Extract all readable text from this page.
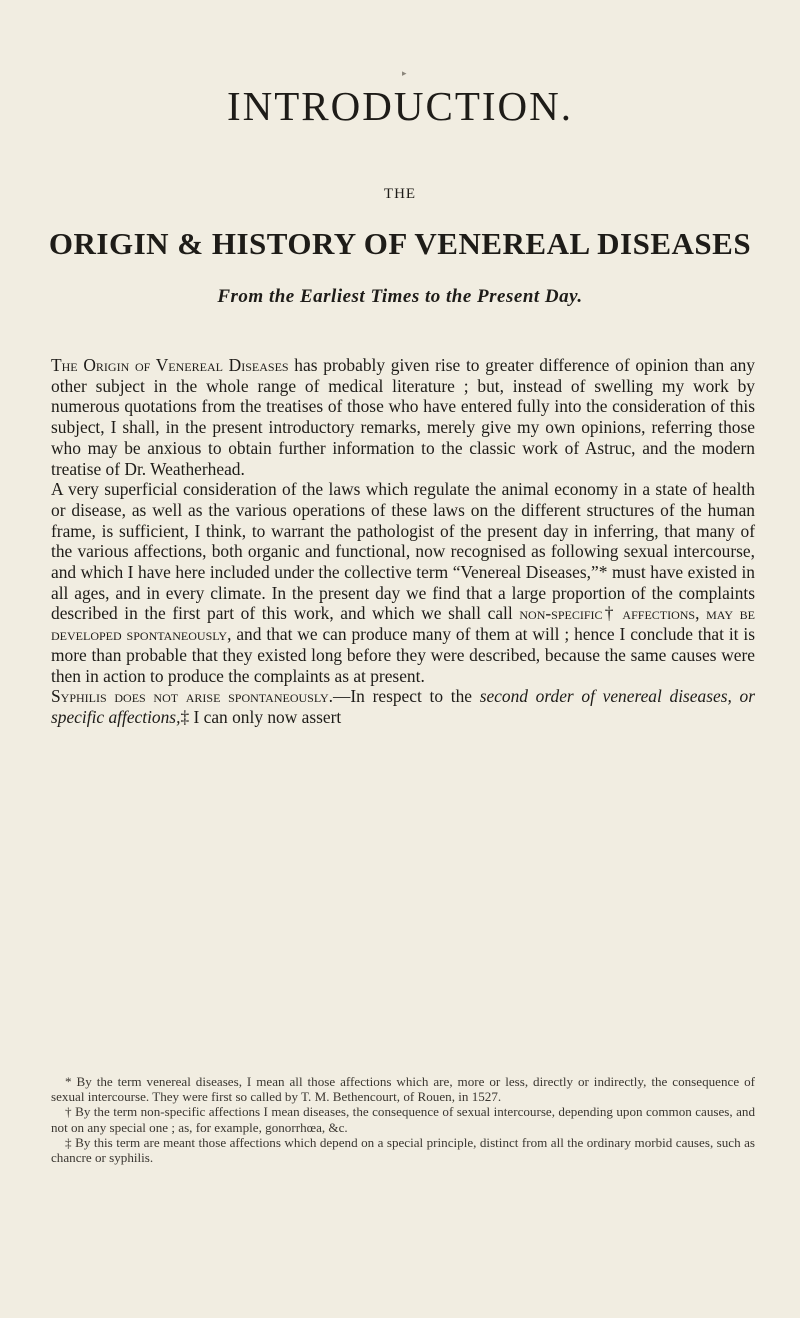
▸
INTRODUCTION.
THE
ORIGIN & HISTORY OF VENEREAL DISEASES
From the Earliest Times to the Present Day.

The Origin of Venereal Diseases has probably given rise to greater difference of opinion than any other subject in the whole range of medical literature ; but, instead of swelling my work by numerous quotations from the treatises of those who have entered fully into the consideration of this subject, I shall, in the present introductory remarks, merely give my own opinions, referring those who may be anxious to obtain further information to the classic work of Astruc, and the modern treatise of Dr. Weatherhead.

A very superficial consideration of the laws which regulate the animal economy in a state of health or disease, as well as the various operations of these laws on the different structures of the human frame, is sufficient, I think, to warrant the pathologist of the present day in inferring, that many of the various affections, both organic and functional, now recognised as following sexual intercourse, and which I have here included under the collective term “Venereal Diseases,”* must have existed in all ages, and in every climate. In the present day we find that a large proportion of the complaints described in the first part of this work, and which we shall call non-specific† affections, may be developed spontaneously, and that we can produce many of them at will ; hence I conclude that it is more than probable that they existed long before they were described, because the same causes were then in action to produce the complaints as at present.

Syphilis does not arise spontaneously.—In respect to the second order of venereal diseases, or specific affections,‡ I can only now assert

* By the term venereal diseases, I mean all those affections which are, more or less, directly or indirectly, the consequence of sexual intercourse. They were first so called by T. M. Bethencourt, of Rouen, in 1527.

† By the term non-specific affections I mean diseases, the consequence of sexual intercourse, depending upon common causes, and not on any special one ; as, for example, gonorrhœa, &c.

‡ By this term are meant those affections which depend on a special principle, distinct from all the ordinary morbid causes, such as chancre or syphilis.
